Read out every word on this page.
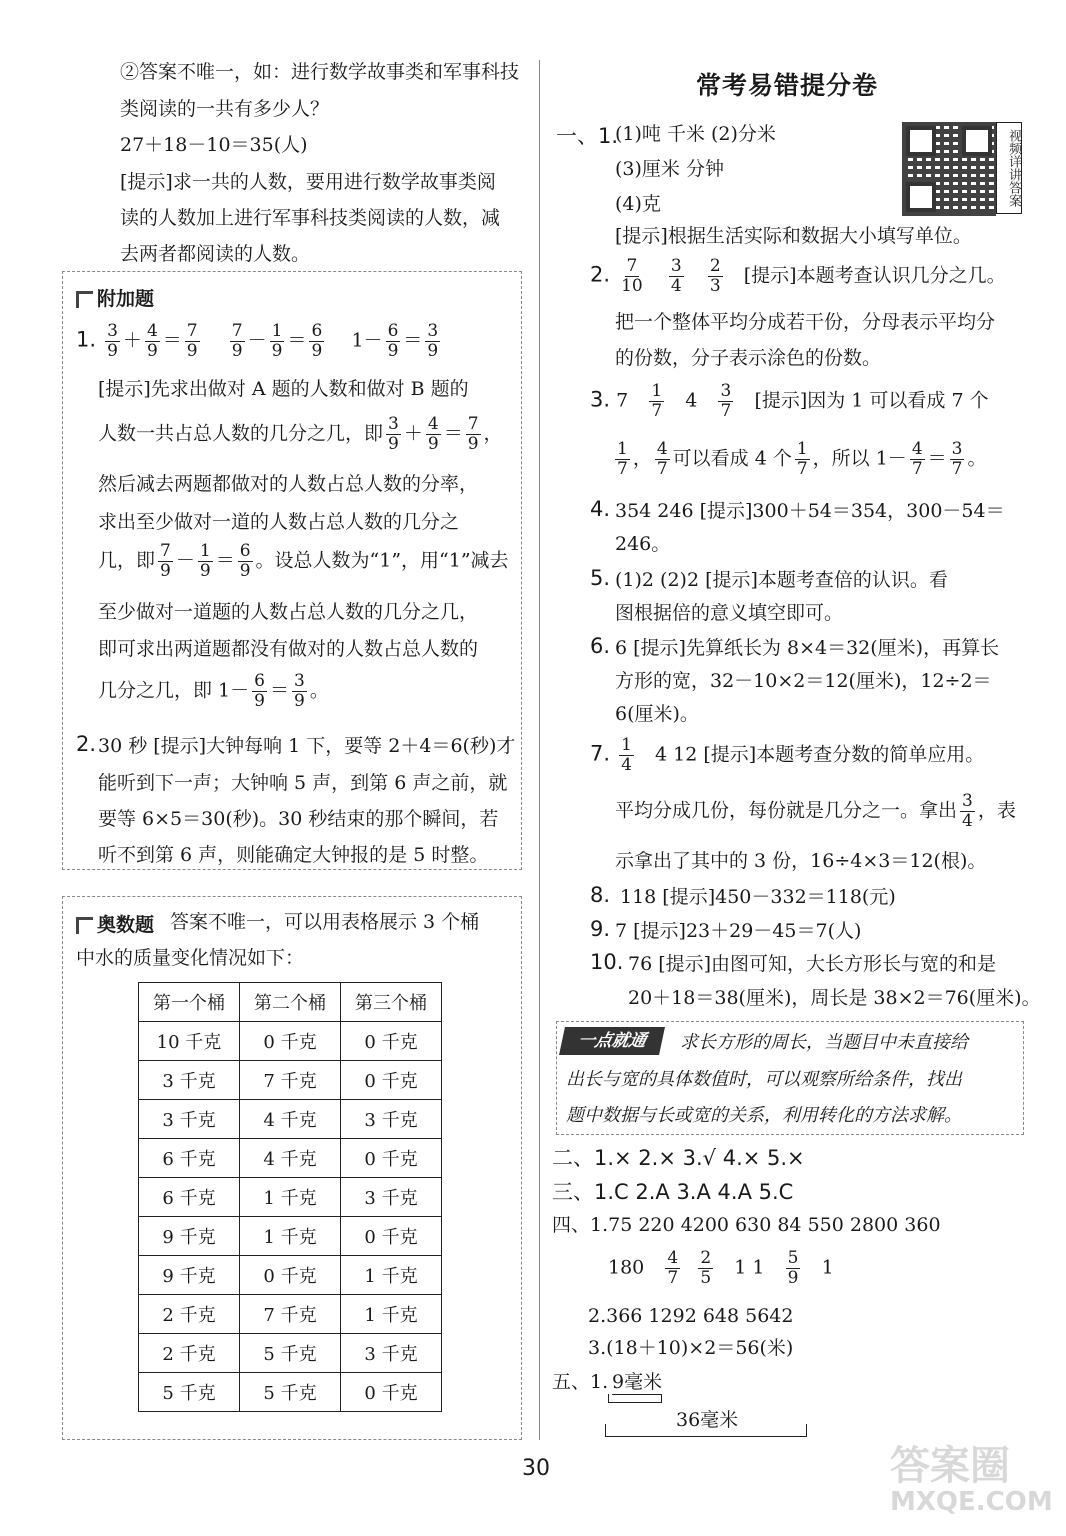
②答案不唯一，如：进行数学故事类和军事科技
类阅读的一共有多少人？
27＋18－10＝35(人)
[提示]求一共的人数，要用进行数学故事类阅
读的人数加上进行军事科技类阅读的人数，减
去两者都阅读的人数。
附加题
1. $\frac{3}{9} + \frac{4}{9} = \frac{7}{9}$
$\frac{7}{9} - \frac{1}{9} = \frac{6}{9} 1- \frac{6}{9} = \frac{3}{9}$
[提示]先求出做对 A 题的人数和做对 B 题的
人数一共占总人数的几分之几，即 $\frac{3}{9} + \frac{4}{9} = \frac{7}{9}$ ，
然后减去两题都做对的人数占总人数的分率，
求出至少做对一道的人数占总人数的几分之
几，即 $\frac{7}{9} - \frac{1}{9} = \frac{6}{9}$ 。设总人数为“1”，用“1”减去
至少做对一道题的人数占总人数的几分之几，
即可求出两道题都没有做对的人数占总人数的
几分之几，即 $1- \frac{6}{9} = \frac{3}{9}$ 。
2. 30 秒 [提示]大钟每响 1 下，要等 2＋4＝6(秒)才
能听到下一声；大钟响 5 声，到第 6 声之前，就
要等 6×5＝30(秒)。30 秒结束的那个瞬间，若
听不到第 6 声，则能确定大钟报的是 5 时整。
奥数题 答案不唯一，可以用表格展示 3 个桶
中水的质量变化情况如下：
第一个桶	第二个桶	第三个桶
10 千克	0 千克	0 千克
3 千克	7 千克	0 千克
3 千克	4 千克	3 千克
6 千克	4 千克	0 千克
6 千克	1 千克	3 千克
9 千克	1 千克	0 千克
9 千克	0 千克	1 千克
2 千克	7 千克	1 千克
2 千克	5 千克	3 千克
5 千克	5 千克	0 千克
常考易错提分卷
视频详讲答案
一、1.
(1)吨 千米 (2)分米
(3)厘米 分钟
(4)克
[提示]根据生活实际和数据大小填写单位。
2. $\frac{7}{10}$
$\frac{3}{4}$
$\frac{2}{3}$ [提示]本题考查认识几分之几。
把一个整体平均分成若干份，分母表示平均分
的份数，分子表示涂色的份数。
3. $7 \frac{1}{7} 4 \frac{3}{7}$ [提示]因为 1 可以看成 7 个
$\frac{1}{7}$ ， $\frac{4}{7}$ 可以看成 4 个 $\frac{1}{7}$ ，所以 $1- \frac{4}{7} = \frac{3}{7}$ 。
4. 354 246 [提示]300＋54＝354，300－54＝
246。
5. (1)2 (2)2 [提示]本题考查倍的认识。看
图根据倍的意义填空即可。
6. 6 [提示]先算纸长为 8×4＝32(厘米)，再算长
方形的宽，32－10×2＝12(厘米)，12÷2＝
6(厘米)。
7. $\frac{1}{4} 4$ 12 [提示]本题考查分数的简单应用。
平均分成几份，每份就是几分之一。拿出 $\frac{3}{4}$ ，表
示拿出了其中的 3 份，16÷4×3＝12(根)。
8. 118 [提示]450－332＝118(元)
9. 7 [提示]23＋29－45＝7(人)
10. 76 [提示]由图可知，大长方形长与宽的和是
20＋18＝38(厘米)，周长是 38×2＝76(厘米)。
一点就通	求长方形的周长，当题目中未直接给
出长与宽的具体数值时，可以观察所给条件，找出
题中数据与长或宽的关系，利用转化的方法求解。
二、1.× 2.× 3.√ 4.× 5.×
三、1.C 2.A 3.A 4.A 5.C
四、1.75 220 4200 630 84 550 2800 360
$180 \frac{4}{7}$
$\frac{2}{5} 1$ $1 \frac{5}{9} 1$
2.366 1292 648 5642
3.(18＋10)×2＝56(米)
五、1. 9毫米
36毫米
30	答案圈
MXQE.COM
